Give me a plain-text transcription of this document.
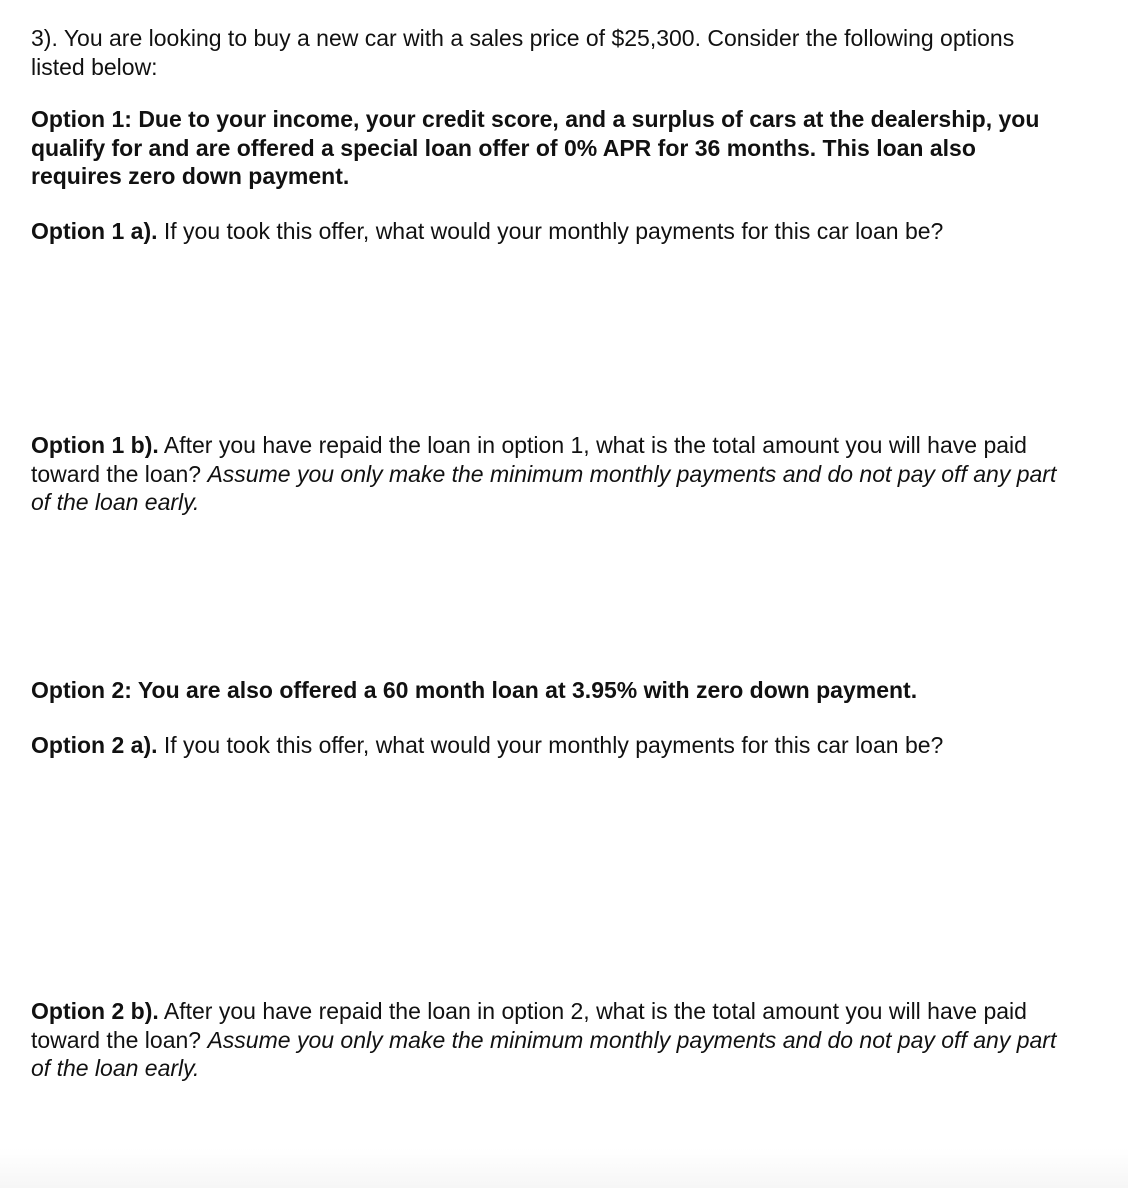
3). You are looking to buy a new car with a sales price of $25,300. Consider the following options listed below:

Option 1: Due to your income, your credit score, and a surplus of cars at the dealership, you qualify for and are offered a special loan offer of 0% APR for 36 months. This loan also requires zero down payment.

Option 1 a). If you took this offer, what would your monthly payments for this car loan be?

Option 1 b). After you have repaid the loan in option 1, what is the total amount you will have paid toward the loan? Assume you only make the minimum monthly payments and do not pay off any part of the loan early.

Option 2: You are also offered a 60 month loan at 3.95% with zero down payment.

Option 2 a). If you took this offer, what would your monthly payments for this car loan be?

Option 2 b). After you have repaid the loan in option 2, what is the total amount you will have paid toward the loan? Assume you only make the minimum monthly payments and do not pay off any part of the loan early.
